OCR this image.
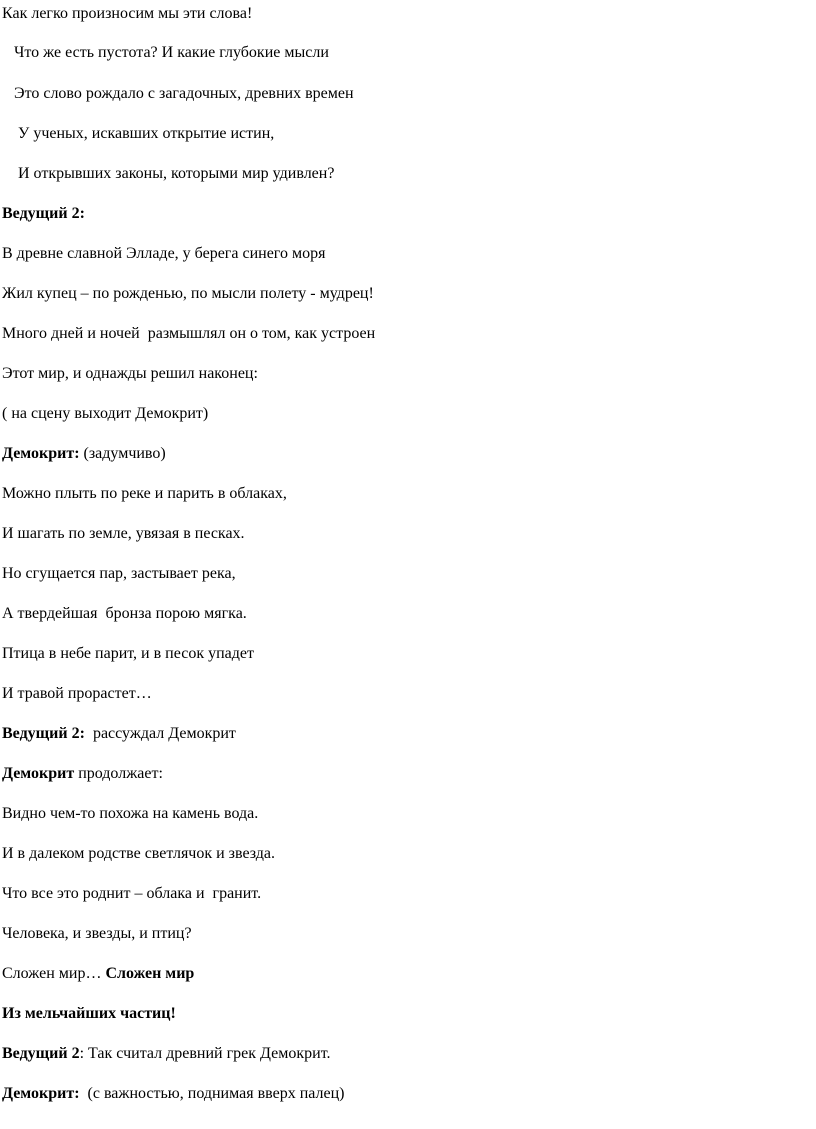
Как легко произносим мы эти слова!
Что же есть пустота? И какие глубокие мысли
Это слово рождало с загадочных, древних времен
У ученых, искавших открытие истин,
И открывших законы, которыми мир удивлен?
Ведущий 2:
В древне славной Элладе, у берега синего моря
Жил купец – по рожденью, по мысли полету - мудрец!
Много дней и ночей  размышлял он о том, как устроен
Этот мир, и однажды решил наконец:
( на сцену выходит Демокрит)
Демокрит: (задумчиво)
Можно плыть по реке и парить в облаках,
И шагать по земле, увязая в песках.
Но сгущается пар, застывает река,
А твердейшая  бронза порою мягка.
Птица в небе парит, и в песок упадет
И травой прорастет…
Ведущий 2:  рассуждал Демокрит
Демокрит продолжает:
Видно чем-то похожа на камень вода.
И в далеком родстве светлячок и звезда.
Что все это роднит – облака и  гранит.
Человека, и звезды, и птиц?
Сложен мир… Сложен мир
Из мельчайших частиц!
Ведущий 2: Так считал древний грек Демокрит.
Демокрит:  (с важностью, поднимая вверх палец)
